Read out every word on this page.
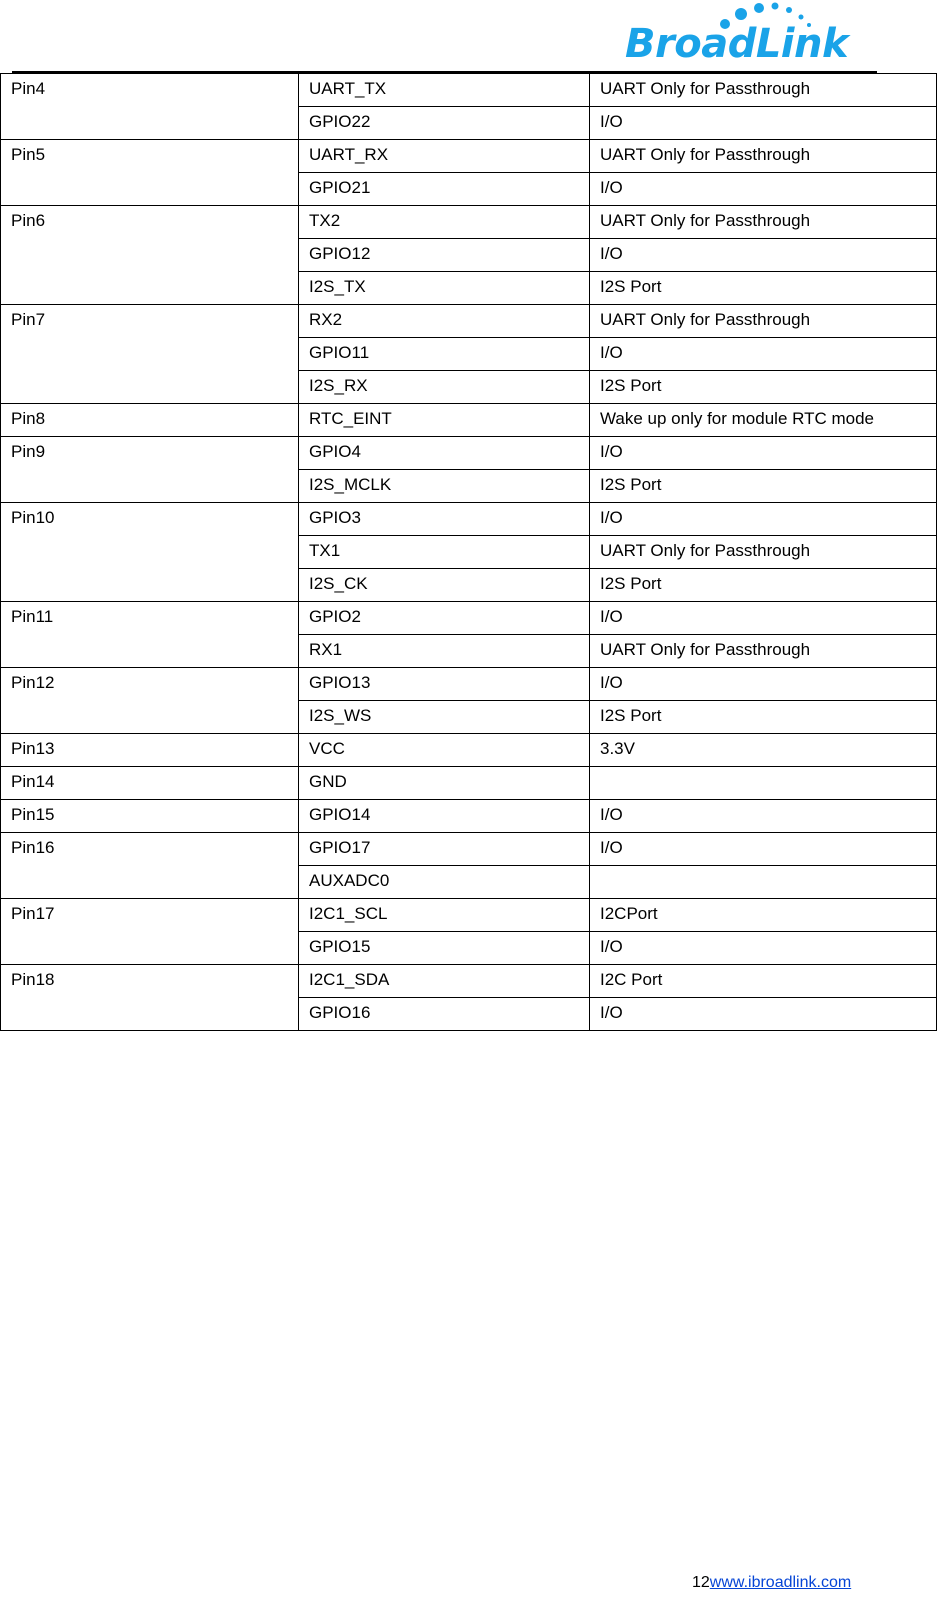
BroadLink
Pin4	UART_TX	UART Only for Passthrough
	GPIO22	I/O
Pin5	UART_RX	UART Only for Passthrough
	GPIO21	I/O
Pin6	TX2	UART Only for Passthrough
	GPIO12	I/O
	I2S_TX	I2S Port
Pin7	RX2	UART Only for Passthrough
	GPIO11	I/O
	I2S_RX	I2S Port
Pin8	RTC_EINT	Wake up only for module RTC mode
Pin9	GPIO4	I/O
	I2S_MCLK	I2S Port
Pin10	GPIO3	I/O
	TX1	UART Only for Passthrough
	I2S_CK	I2S Port
Pin11	GPIO2	I/O
	RX1	UART Only for Passthrough
Pin12	GPIO13	I/O
	I2S_WS	I2S Port
Pin13	VCC	3.3V
Pin14	GND	
Pin15	GPIO14	I/O
Pin16	GPIO17	I/O
	AUXADC0	
Pin17	I2C1_SCL	I2CPort
	GPIO15	I/O
Pin18	I2C1_SDA	I2C Port
	GPIO16	I/O
12www.ibroadlink.com
